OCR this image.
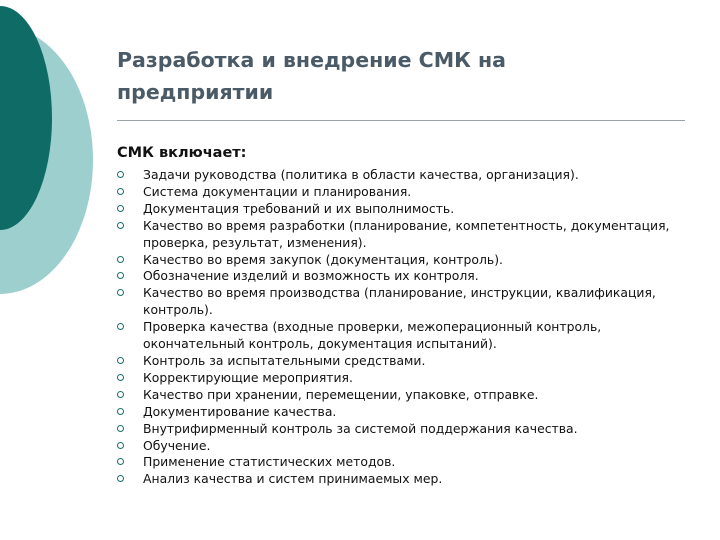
Разработка и внедрение СМК на
предприятии

СМК включает:

Задачи руководства (политика в области качества, организация).
Система документации и планирования.
Документация требований и их выполнимость.
Качество во время разработки (планирование, компетентность, документация, проверка, результат, изменения).
Качество во время закупок (документация, контроль).
Обозначение изделий и возможность их контроля.
Качество во время производства (планирование, инструкции, квалификация, контроль).
Проверка качества (входные проверки, межоперационный контроль, окончательный контроль, документация испытаний).
Контроль за испытательными средствами.
Корректирующие мероприятия.
Качество при хранении, перемещении, упаковке, отправке.
Документирование качества.
Внутрифирменный контроль за системой поддержания качества.
Обучение.
Применение статистических методов.
Анализ качества и систем принимаемых мер.
